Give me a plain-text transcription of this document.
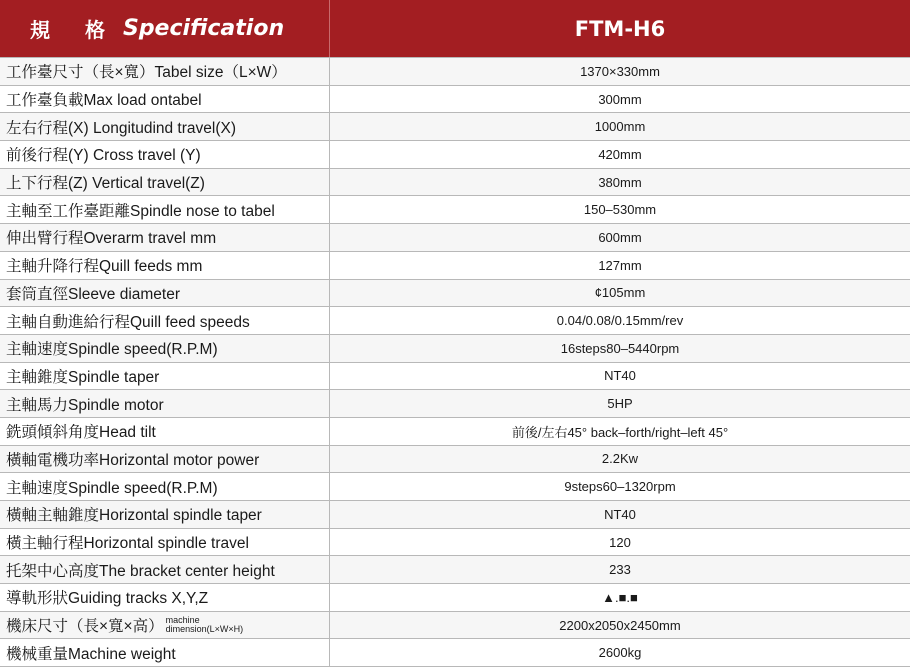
規 格 Specification	FTM-H6
工作臺尺寸（長×寬）Tabel size（L×W）	1370×330mm
工作臺負載Max load ontabel	300mm
左右行程(X) Longitudind travel(X)	1000mm
前後行程(Y) Cross travel (Y)	420mm
上下行程(Z) Vertical travel(Z)	380mm
主軸至工作臺距離Spindle nose to tabel	150–530mm
伸出臂行程Overarm travel mm	600mm
主軸升降行程Quill feeds mm	127mm
套筒直徑Sleeve diameter	¢105mm
主軸自動進給行程Quill feed speeds	0.04/0.08/0.15mm/rev
主軸速度Spindle speed(R.P.M)	16steps80–5440rpm
主軸錐度Spindle taper	NT40
主軸馬力Spindle motor	5HP
銑頭傾斜角度Head tilt	前後/左右45° back–forth/right–left 45°
橫軸電機功率Horizontal motor power	2.2Kw
主軸速度Spindle speed(R.P.M)	9steps60–1320rpm
橫軸主軸錐度Horizontal spindle taper	NT40
橫主軸行程Horizontal spindle travel	120
托架中心高度The bracket center height	233
導軌形狀Guiding tracks X,Y,Z	▲.■.■
機床尺寸（長×寬×高） machine
dimension(L×W×H)	2200x2050x2450mm
機械重量Machine weight	2600kg
